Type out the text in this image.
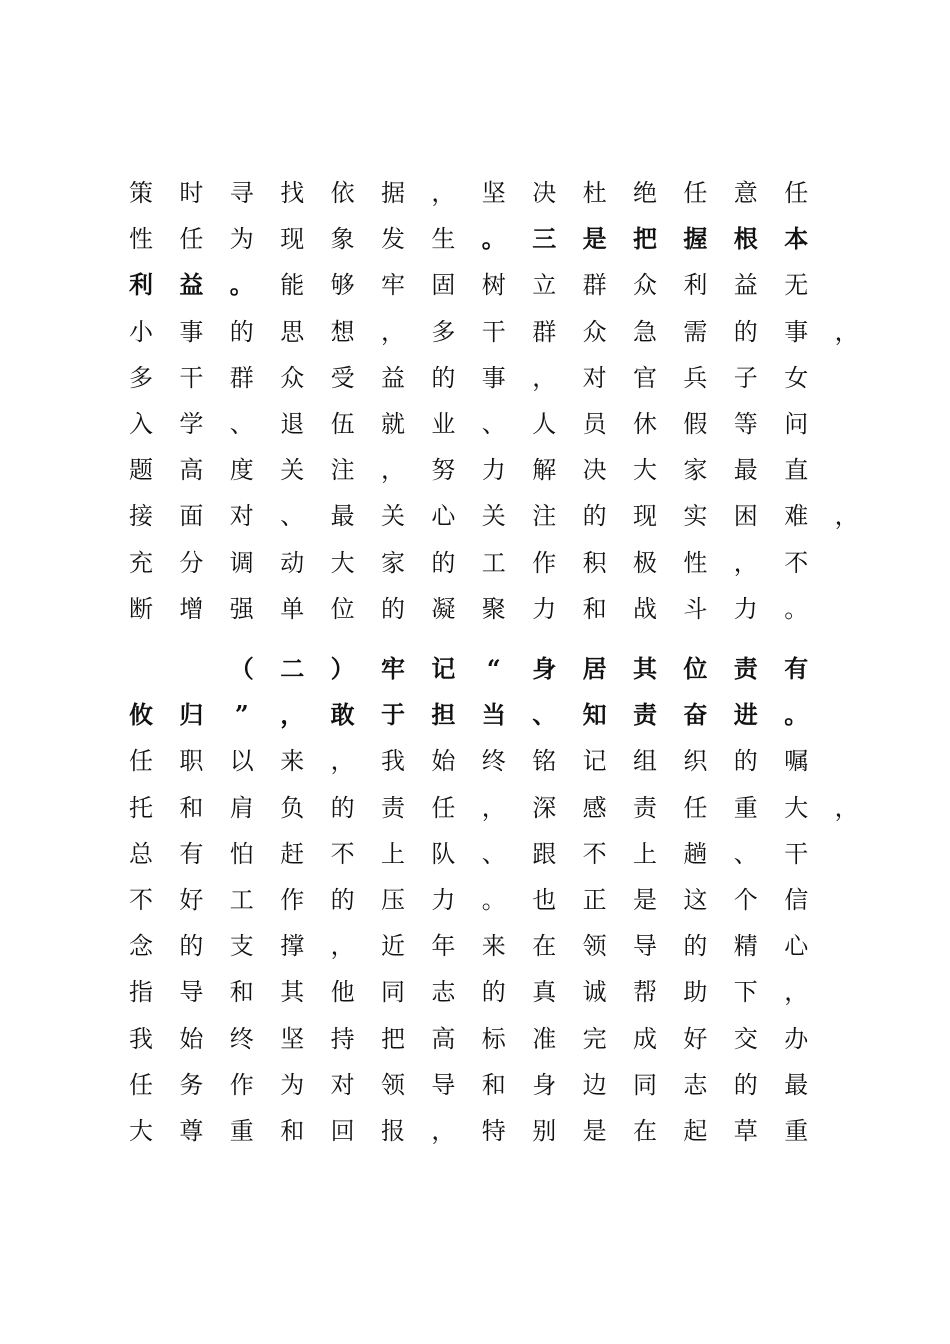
策 时 寻 找 依 据 ， 坚 决 杜 绝 任 意 任
性 任 为 现 象 发 生 。 三 是 把 握 根 本
利 益 。 能 够 牢 固 树 立 群 众 利 益 无
小 事 的 思 想 ， 多 干 群 众 急 需 的 事 ，
多 干 群 众 受 益 的 事 ， 对 官 兵 子 女
入 学 、 退 伍 就 业 、 人 员 休 假 等 问
题 高 度 关 注 ， 努 力 解 决 大 家 最 直
接 面 对 、 最 关 心 关 注 的 现 实 困 难 ，
充 分 调 动 大 家 的 工 作 积 极 性 ， 不
断 增 强 单 位 的 凝 聚 力 和 战 斗 力 。
（ 二 ） 牢 记	“	身 居 其 位 责 有
攸 归	”	， 敢 于 担 当 、 知 责 奋 进 。
任 职 以 来 ， 我 始 终 铭 记 组 织 的 嘱
托 和 肩 负 的 责 任 ， 深 感 责 任 重 大 ，
总 有 怕 赶 不 上 队 、 跟 不 上 趟 、 干
不 好 工 作 的 压 力 。 也 正 是 这 个 信
念 的 支 撑 ， 近 年 来 在 领 导 的 精 心
指 导 和 其 他 同 志 的 真 诚 帮 助 下 ，
我 始 终 坚 持 把 高 标 准 完 成 好 交 办
任 务 作 为 对 领 导 和 身 边 同 志 的 最
大 尊 重 和 回 报 ， 特 别 是 在 起 草 重
